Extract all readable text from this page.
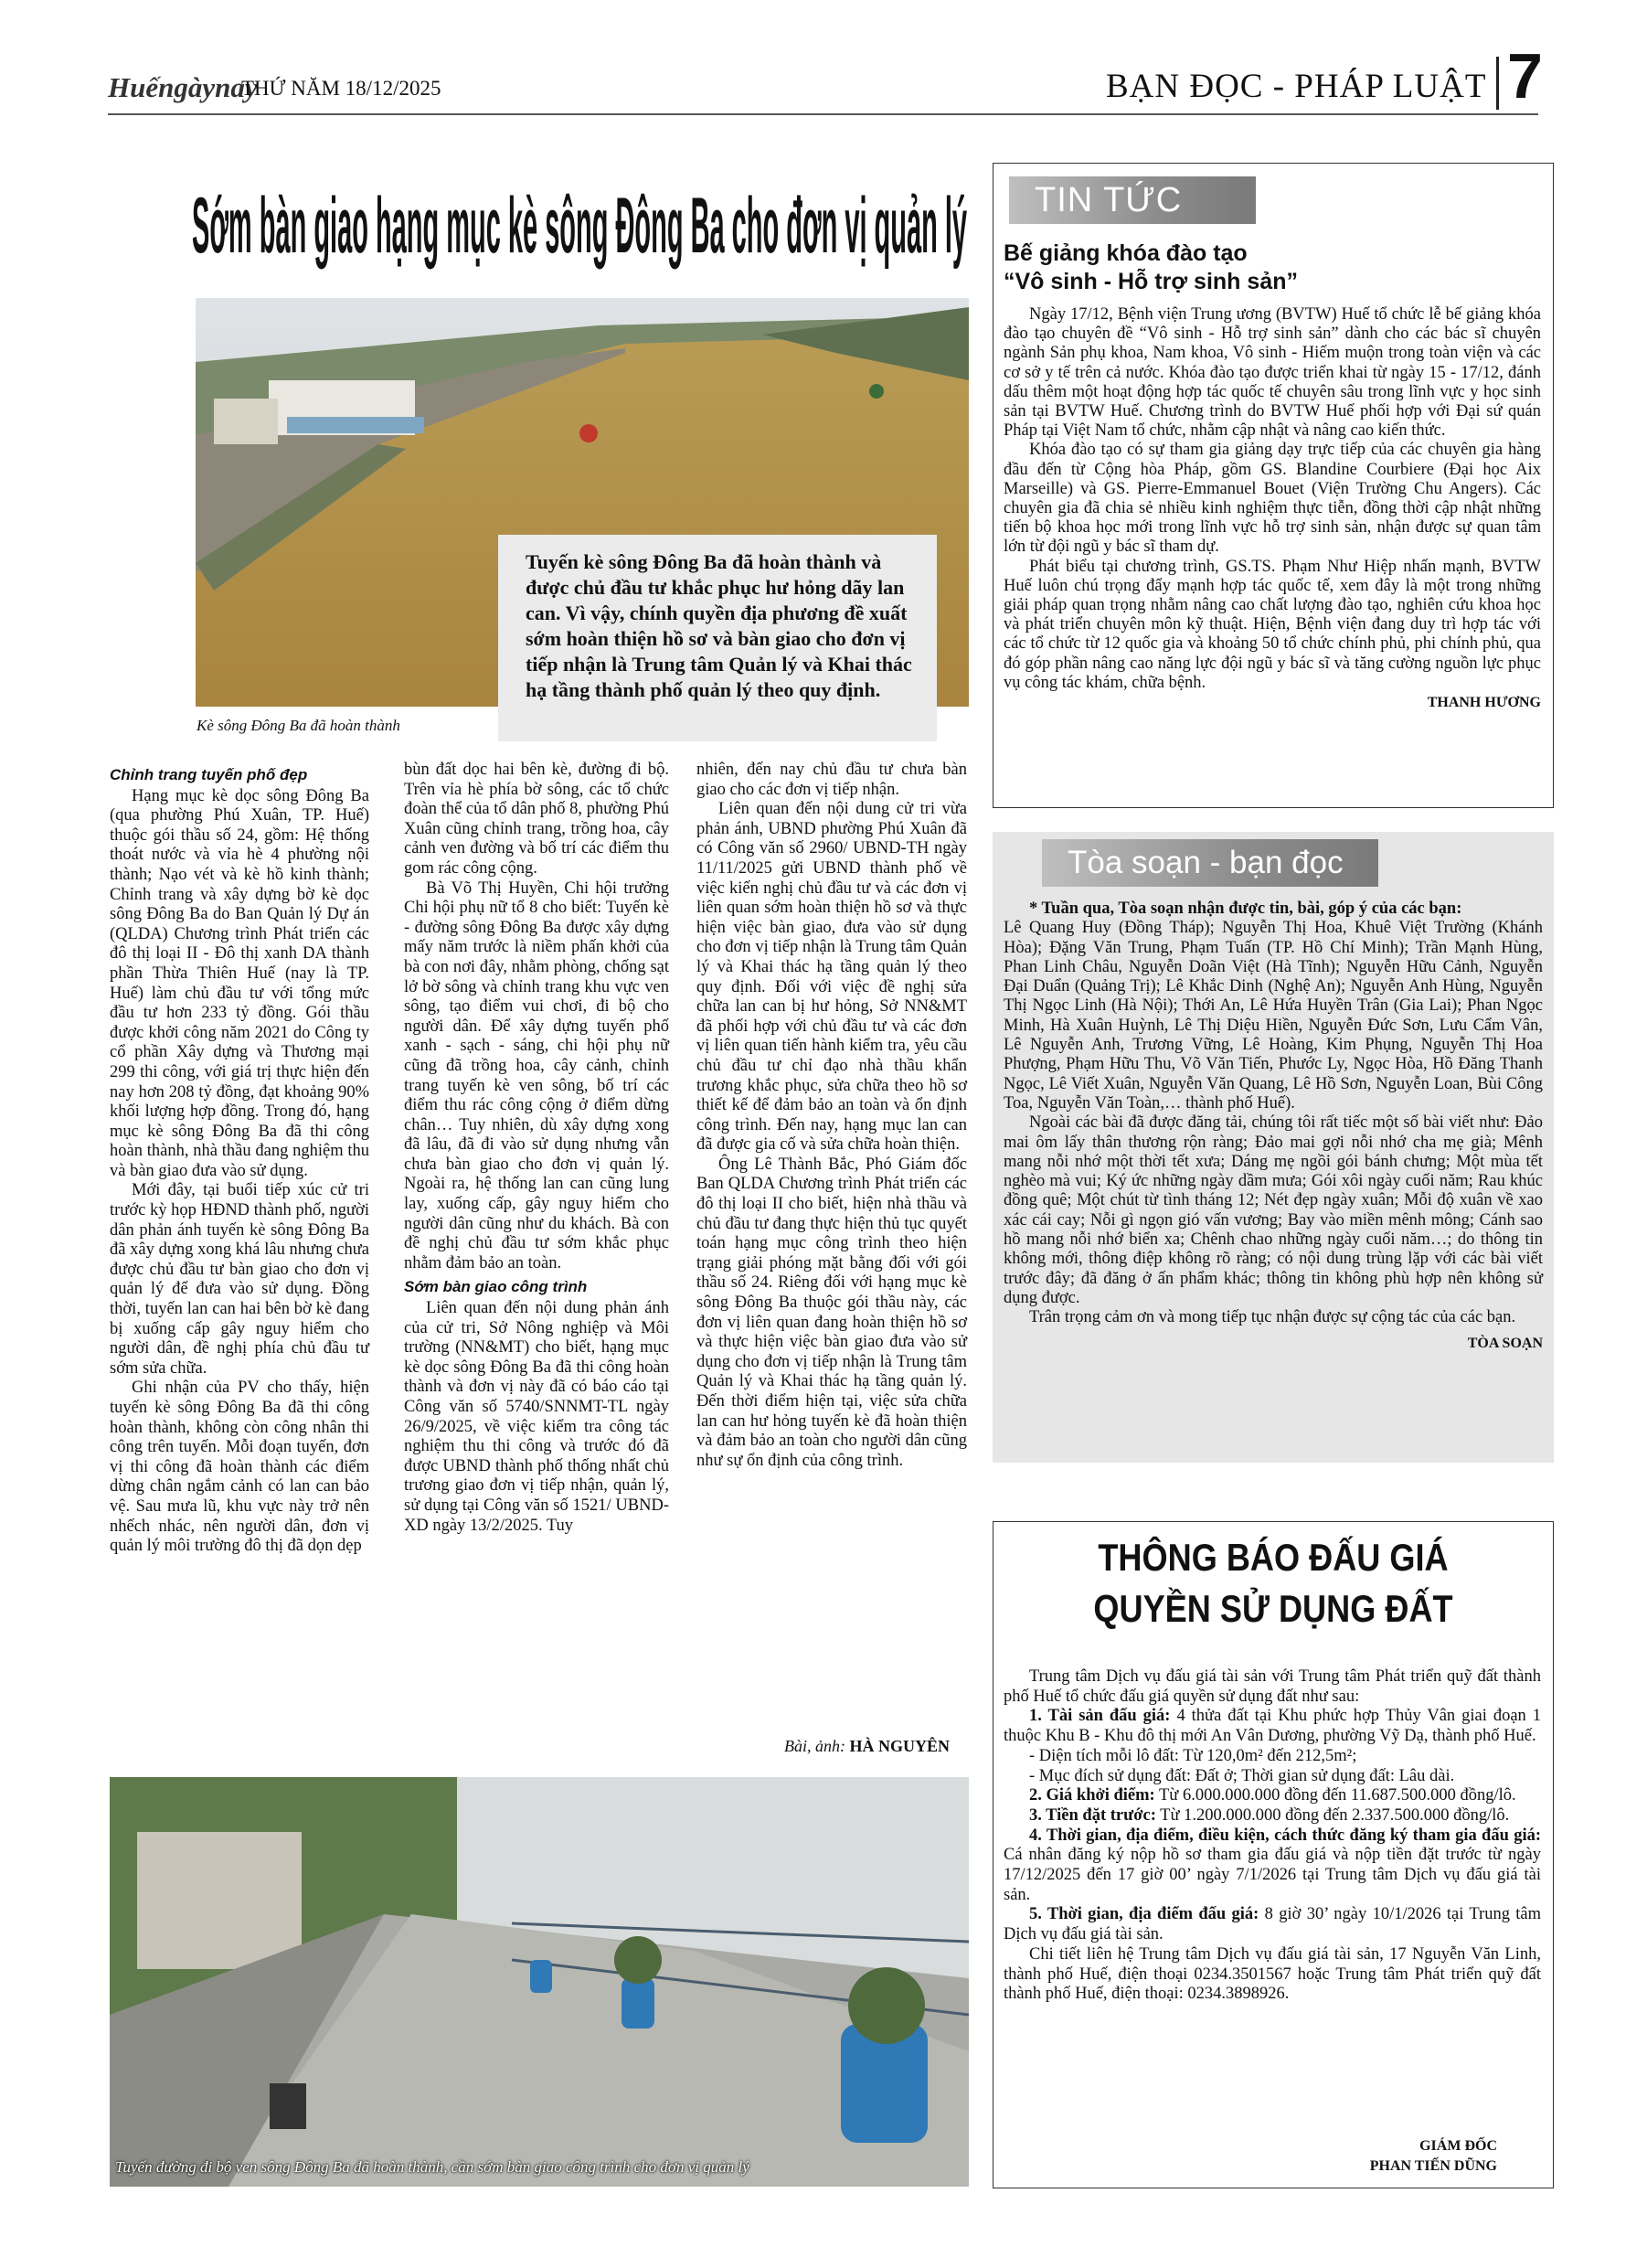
Huếngàynay
THỨ NĂM 18/12/2025	BẠN ĐỌC - PHÁP LUẬT 7
Sớm bàn giao hạng mục kè sông Đông Ba cho đơn vị quản lý
Kè sông Đông Ba đã hoàn thành
Tuyến kè sông Đông Ba đã hoàn thành và được chủ đầu tư khắc phục hư hỏng dãy lan can. Vì vậy, chính quyền địa phương đề xuất sớm hoàn thiện hồ sơ và bàn giao cho đơn vị tiếp nhận là Trung tâm Quản lý và Khai thác hạ tầng thành phố quản lý theo quy định.
Chỉnh trang tuyến phố đẹp

Hạng mục kè dọc sông Đông Ba (qua phường Phú Xuân, TP. Huế) thuộc gói thầu số 24, gồm: Hệ thống thoát nước và vỉa hè 4 phường nội thành; Nạo vét và kè hồ kinh thành; Chỉnh trang và xây dựng bờ kè dọc sông Đông Ba do Ban Quản lý Dự án (QLDA) Chương trình Phát triển các đô thị loại II - Đô thị xanh DA thành phần Thừa Thiên Huế (nay là TP. Huế) làm chủ đầu tư với tổng mức đầu tư hơn 233 tỷ đồng. Gói thầu được khởi công năm 2021 do Công ty cổ phần Xây dựng và Thương mại 299 thi công, với giá trị thực hiện đến nay hơn 208 tỷ đồng, đạt khoảng 90% khối lượng hợp đồng. Trong đó, hạng mục kè sông Đông Ba đã thi công hoàn thành, nhà thầu đang nghiệm thu và bàn giao đưa vào sử dụng.

Mới đây, tại buổi tiếp xúc cử tri trước kỳ họp HĐND thành phố, người dân phản ánh tuyến kè sông Đông Ba đã xây dựng xong khá lâu nhưng chưa được chủ đầu tư bàn giao cho đơn vị quản lý để đưa vào sử dụng. Đồng thời, tuyến lan can hai bên bờ kè đang bị xuống cấp gây nguy hiểm cho người dân, đề nghị phía chủ đầu tư sớm sửa chữa.

Ghi nhận của PV cho thấy, hiện tuyến kè sông Đông Ba đã thi công hoàn thành, không còn công nhân thi công trên tuyến. Mỗi đoạn tuyến, đơn vị thi công đã hoàn thành các điểm dừng chân ngắm cảnh có lan can bảo vệ. Sau mưa lũ, khu vực này trở nên nhếch nhác, nên người dân, đơn vị quản lý môi trường đô thị đã dọn dẹp

bùn đất dọc hai bên kè, đường đi bộ. Trên vỉa hè phía bờ sông, các tổ chức đoàn thể của tổ dân phố 8, phường Phú Xuân cũng chỉnh trang, trồng hoa, cây cảnh ven đường và bố trí các điểm thu gom rác công cộng.

Bà Võ Thị Huyền, Chi hội trưởng Chi hội phụ nữ tổ 8 cho biết: Tuyến kè - đường sông Đông Ba được xây dựng mấy năm trước là niềm phấn khởi của bà con nơi đây, nhằm phòng, chống sạt lở bờ sông và chỉnh trang khu vực ven sông, tạo điểm vui chơi, đi bộ cho người dân. Để xây dựng tuyến phố xanh - sạch - sáng, chi hội phụ nữ cũng đã trồng hoa, cây cảnh, chỉnh trang tuyến kè ven sông, bố trí các điểm thu rác công cộng ở điểm dừng chân… Tuy nhiên, dù xây dựng xong đã lâu, đã đi vào sử dụng nhưng vẫn chưa bàn giao cho đơn vị quản lý. Ngoài ra, hệ thống lan can cũng lung lay, xuống cấp, gây nguy hiểm cho người dân cũng như du khách. Bà con đề nghị chủ đầu tư sớm khắc phục nhằm đảm bảo an toàn.

Sớm bàn giao công trình

Liên quan đến nội dung phản ánh của cử tri, Sở Nông nghiệp và Môi trường (NN&MT) cho biết, hạng mục kè dọc sông Đông Ba đã thi công hoàn thành và đơn vị này đã có báo cáo tại Công văn số 5740/SNNMT-TL ngày 26/9/2025, về việc kiểm tra công tác nghiệm thu thi công và trước đó đã được UBND thành phố thống nhất chủ trương giao đơn vị tiếp nhận, quản lý, sử dụng tại Công văn số 1521/ UBND-XD ngày 13/2/2025. Tuy

nhiên, đến nay chủ đầu tư chưa bàn giao cho các đơn vị tiếp nhận.

Liên quan đến nội dung cử tri vừa phản ánh, UBND phường Phú Xuân đã có Công văn số 2960/ UBND-TH ngày 11/11/2025 gửi UBND thành phố về việc kiến nghị chủ đầu tư và các đơn vị liên quan sớm hoàn thiện hồ sơ và thực hiện việc bàn giao, đưa vào sử dụng cho đơn vị tiếp nhận là Trung tâm Quản lý và Khai thác hạ tầng quản lý theo quy định. Đối với việc đề nghị sửa chữa lan can bị hư hỏng, Sở NN&MT đã phối hợp với chủ đầu tư và các đơn vị liên quan tiến hành kiểm tra, yêu cầu chủ đầu tư chỉ đạo nhà thầu khẩn trương khắc phục, sửa chữa theo hồ sơ thiết kế để đảm bảo an toàn và ổn định công trình. Đến nay, hạng mục lan can đã được gia cố và sửa chữa hoàn thiện.

Ông Lê Thành Bắc, Phó Giám đốc Ban QLDA Chương trình Phát triển các đô thị loại II cho biết, hiện nhà thầu và chủ đầu tư đang thực hiện thủ tục quyết toán hạng mục công trình theo hiện trạng giải phóng mặt bằng đối với gói thầu số 24. Riêng đối với hạng mục kè sông Đông Ba thuộc gói thầu này, các đơn vị liên quan đang hoàn thiện hồ sơ và thực hiện việc bàn giao đưa vào sử dụng cho đơn vị tiếp nhận là Trung tâm Quản lý và Khai thác hạ tầng quản lý. Đến thời điểm hiện tại, việc sửa chữa lan can hư hỏng tuyến kè đã hoàn thiện và đảm bảo an toàn cho người dân cũng như sự ổn định của công trình.

Bài, ảnh: HÀ NGUYÊN
Tuyến đường đi bộ ven sông Đông Ba đã hoàn thành, cần sớm bàn giao công trình cho đơn vị quản lý
TIN TỨC
Bế giảng khóa đào tạo
“Vô sinh - Hỗ trợ sinh sản”

Ngày 17/12, Bệnh viện Trung ương (BVTW) Huế tổ chức lễ bế giảng khóa đào tạo chuyên đề “Vô sinh - Hỗ trợ sinh sản” dành cho các bác sĩ chuyên ngành Sản phụ khoa, Nam khoa, Vô sinh - Hiếm muộn trong toàn viện và các cơ sở y tế trên cả nước. Khóa đào tạo được triển khai từ ngày 15 - 17/12, đánh dấu thêm một hoạt động hợp tác quốc tế chuyên sâu trong lĩnh vực y học sinh sản tại BVTW Huế. Chương trình do BVTW Huế phối hợp với Đại sứ quán Pháp tại Việt Nam tổ chức, nhằm cập nhật và nâng cao kiến thức.

Khóa đào tạo có sự tham gia giảng dạy trực tiếp của các chuyên gia hàng đầu đến từ Cộng hòa Pháp, gồm GS. Blandine Courbiere (Đại học Aix Marseille) và GS. Pierre-Emmanuel Bouet (Viện Trường Chu Angers). Các chuyên gia đã chia sẻ nhiều kinh nghiệm thực tiễn, đồng thời cập nhật những tiến bộ khoa học mới trong lĩnh vực hỗ trợ sinh sản, nhận được sự quan tâm lớn từ đội ngũ y bác sĩ tham dự.

Phát biểu tại chương trình, GS.TS. Phạm Như Hiệp nhấn mạnh, BVTW Huế luôn chú trọng đẩy mạnh hợp tác quốc tế, xem đây là một trong những giải pháp quan trọng nhằm nâng cao chất lượng đào tạo, nghiên cứu khoa học và phát triển chuyên môn kỹ thuật. Hiện, Bệnh viện đang duy trì hợp tác với các tổ chức từ 12 quốc gia và khoảng 50 tổ chức chính phủ, phi chính phủ, qua đó góp phần nâng cao năng lực đội ngũ y bác sĩ và tăng cường nguồn lực phục vụ công tác khám, chữa bệnh.

THANH HƯƠNG
Tòa soạn - bạn đọc

* Tuần qua, Tòa soạn nhận được tin, bài, góp ý của các bạn:

Lê Quang Huy (Đồng Tháp); Nguyễn Thị Hoa, Khuê Việt Trường (Khánh Hòa); Đặng Văn Trung, Phạm Tuấn (TP. Hồ Chí Minh); Trần Mạnh Hùng, Phan Linh Châu, Nguyễn Doãn Việt (Hà Tĩnh); Nguyễn Hữu Cảnh, Nguyễn Đại Duẩn (Quảng Trị); Lê Khắc Dinh (Nghệ An); Nguyễn Anh Hùng, Nguyễn Thị Ngọc Linh (Hà Nội); Thới An, Lê Hứa Huyền Trân (Gia Lai); Phan Ngọc Minh, Hà Xuân Huỳnh, Lê Thị Diệu Hiền, Nguyễn Đức Sơn, Lưu Cẩm Vân, Lê Nguyễn Anh, Trương Vững, Lê Hoàng, Kim Phụng, Nguyễn Thị Hoa Phượng, Phạm Hữu Thu, Võ Văn Tiến, Phước Ly, Ngọc Hòa, Hồ Đăng Thanh Ngọc, Lê Viết Xuân, Nguyễn Văn Quang, Lê Hồ Sơn, Nguyễn Loan, Bùi Công Toa, Nguyễn Văn Toàn,… thành phố Huế).

Ngoài các bài đã được đăng tải, chúng tôi rất tiếc một số bài viết như: Đảo mai ôm lấy thân thương rộn ràng; Đảo mai gợi nỗi nhớ cha mẹ già; Mênh mang nỗi nhớ một thời tết xưa; Dáng mẹ ngồi gói bánh chưng; Một mùa tết nghèo mà vui; Ký ức những ngày dầm mưa; Gói xôi ngày cuối năm; Rau khúc đồng quê; Một chút từ tình tháng 12; Nét đẹp ngày xuân; Mỗi độ xuân về xao xác cái cay; Nỗi gì ngọn gió vấn vương; Bay vào miền mênh mông; Cánh sao hồ mang nỗi nhớ biển xa; Chênh chao những ngày cuối năm…; do thông tin không mới, thông điệp không rõ ràng; có nội dung trùng lặp với các bài viết trước đây; đã đăng ở ấn phẩm khác; thông tin không phù hợp nên không sử dụng được.

Trân trọng cảm ơn và mong tiếp tục nhận được sự cộng tác của các bạn.

TÒA SOẠN
THÔNG BÁO ĐẤU GIÁ
QUYỀN SỬ DỤNG ĐẤT

Trung tâm Dịch vụ đấu giá tài sản với Trung tâm Phát triển quỹ đất thành phố Huế tổ chức đấu giá quyền sử dụng đất như sau:

1. Tài sản đấu giá: 4 thửa đất tại Khu phức hợp Thủy Vân giai đoạn 1 thuộc Khu B - Khu đô thị mới An Vân Dương, phường Vỹ Dạ, thành phố Huế.

- Diện tích mỗi lô đất: Từ 120,0m² đến 212,5m²;

- Mục đích sử dụng đất: Đất ở; Thời gian sử dụng đất: Lâu dài.

2. Giá khởi điểm: Từ 6.000.000.000 đồng đến 11.687.500.000 đồng/lô.

3. Tiền đặt trước: Từ 1.200.000.000 đồng đến 2.337.500.000 đồng/lô.

4. Thời gian, địa điểm, điều kiện, cách thức đăng ký tham gia đấu giá: Cá nhân đăng ký nộp hồ sơ tham gia đấu giá và nộp tiền đặt trước từ ngày 17/12/2025 đến 17 giờ 00’ ngày 7/1/2026 tại Trung tâm Dịch vụ đấu giá tài sản.

5. Thời gian, địa điểm đấu giá: 8 giờ 30’ ngày 10/1/2026 tại Trung tâm Dịch vụ đấu giá tài sản.

Chi tiết liên hệ Trung tâm Dịch vụ đấu giá tài sản, 17 Nguyễn Văn Linh, thành phố Huế, điện thoại 0234.3501567 hoặc Trung tâm Phát triển quỹ đất thành phố Huế, điện thoại: 0234.3898926.

GIÁM ĐỐC
PHAN TIẾN DŨNG
